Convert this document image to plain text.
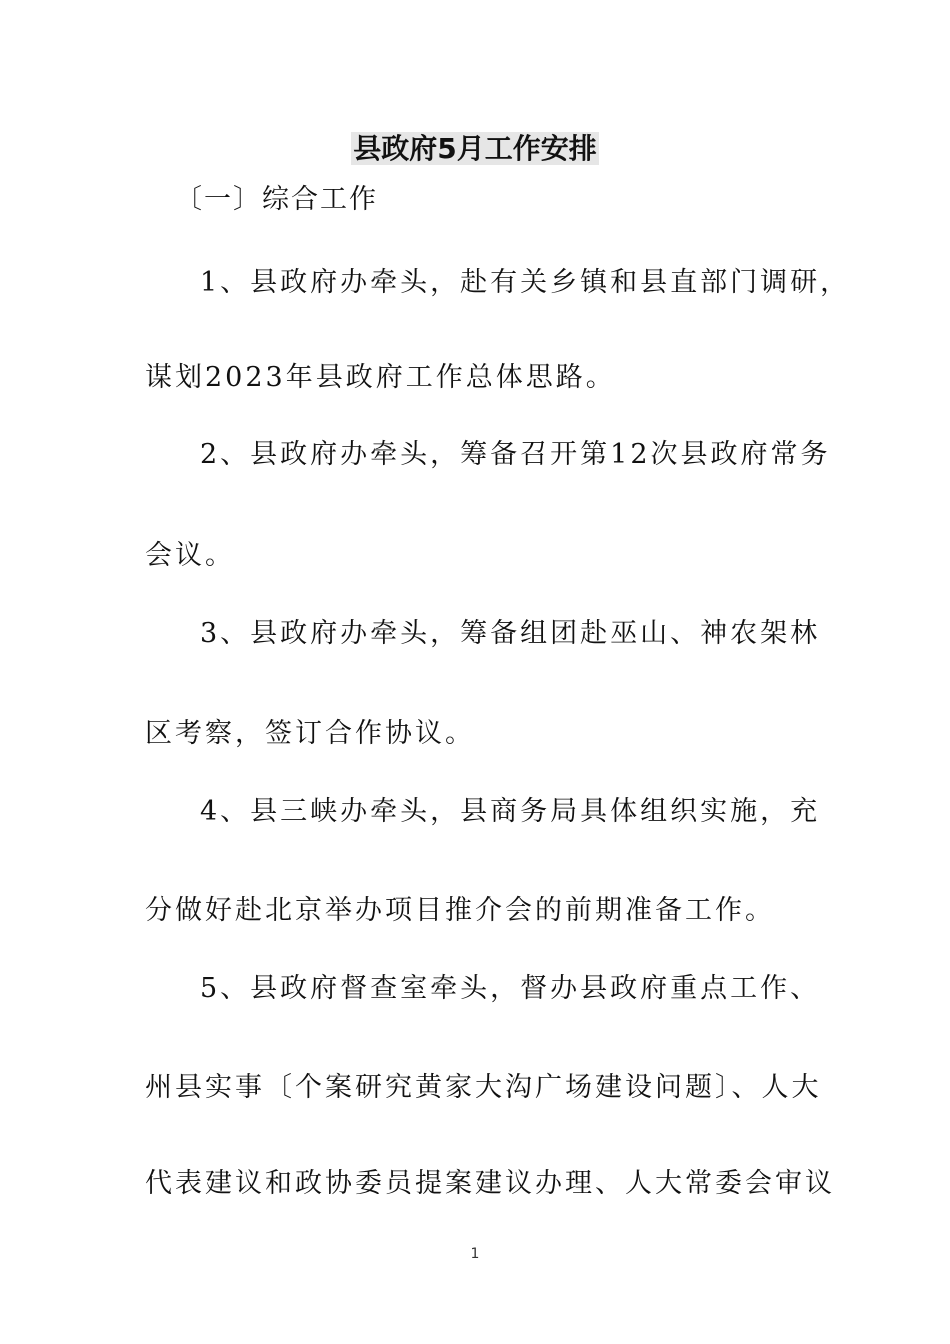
县政府5月工作安排
〔一〕综合工作
1、县政府办牵头，赴有关乡镇和县直部门调研，
谋划2023年县政府工作总体思路。
2、县政府办牵头，筹备召开第12次县政府常务
会议。
3、县政府办牵头，筹备组团赴巫山、神农架林
区考察，签订合作协议。
4、县三峡办牵头，县商务局具体组织实施，充
分做好赴北京举办项目推介会的前期准备工作。
5、县政府督查室牵头，督办县政府重点工作、
州县实事〔个案研究黄家大沟广场建设问题〕、人大
代表建议和政协委员提案建议办理、人大常委会审议
1
